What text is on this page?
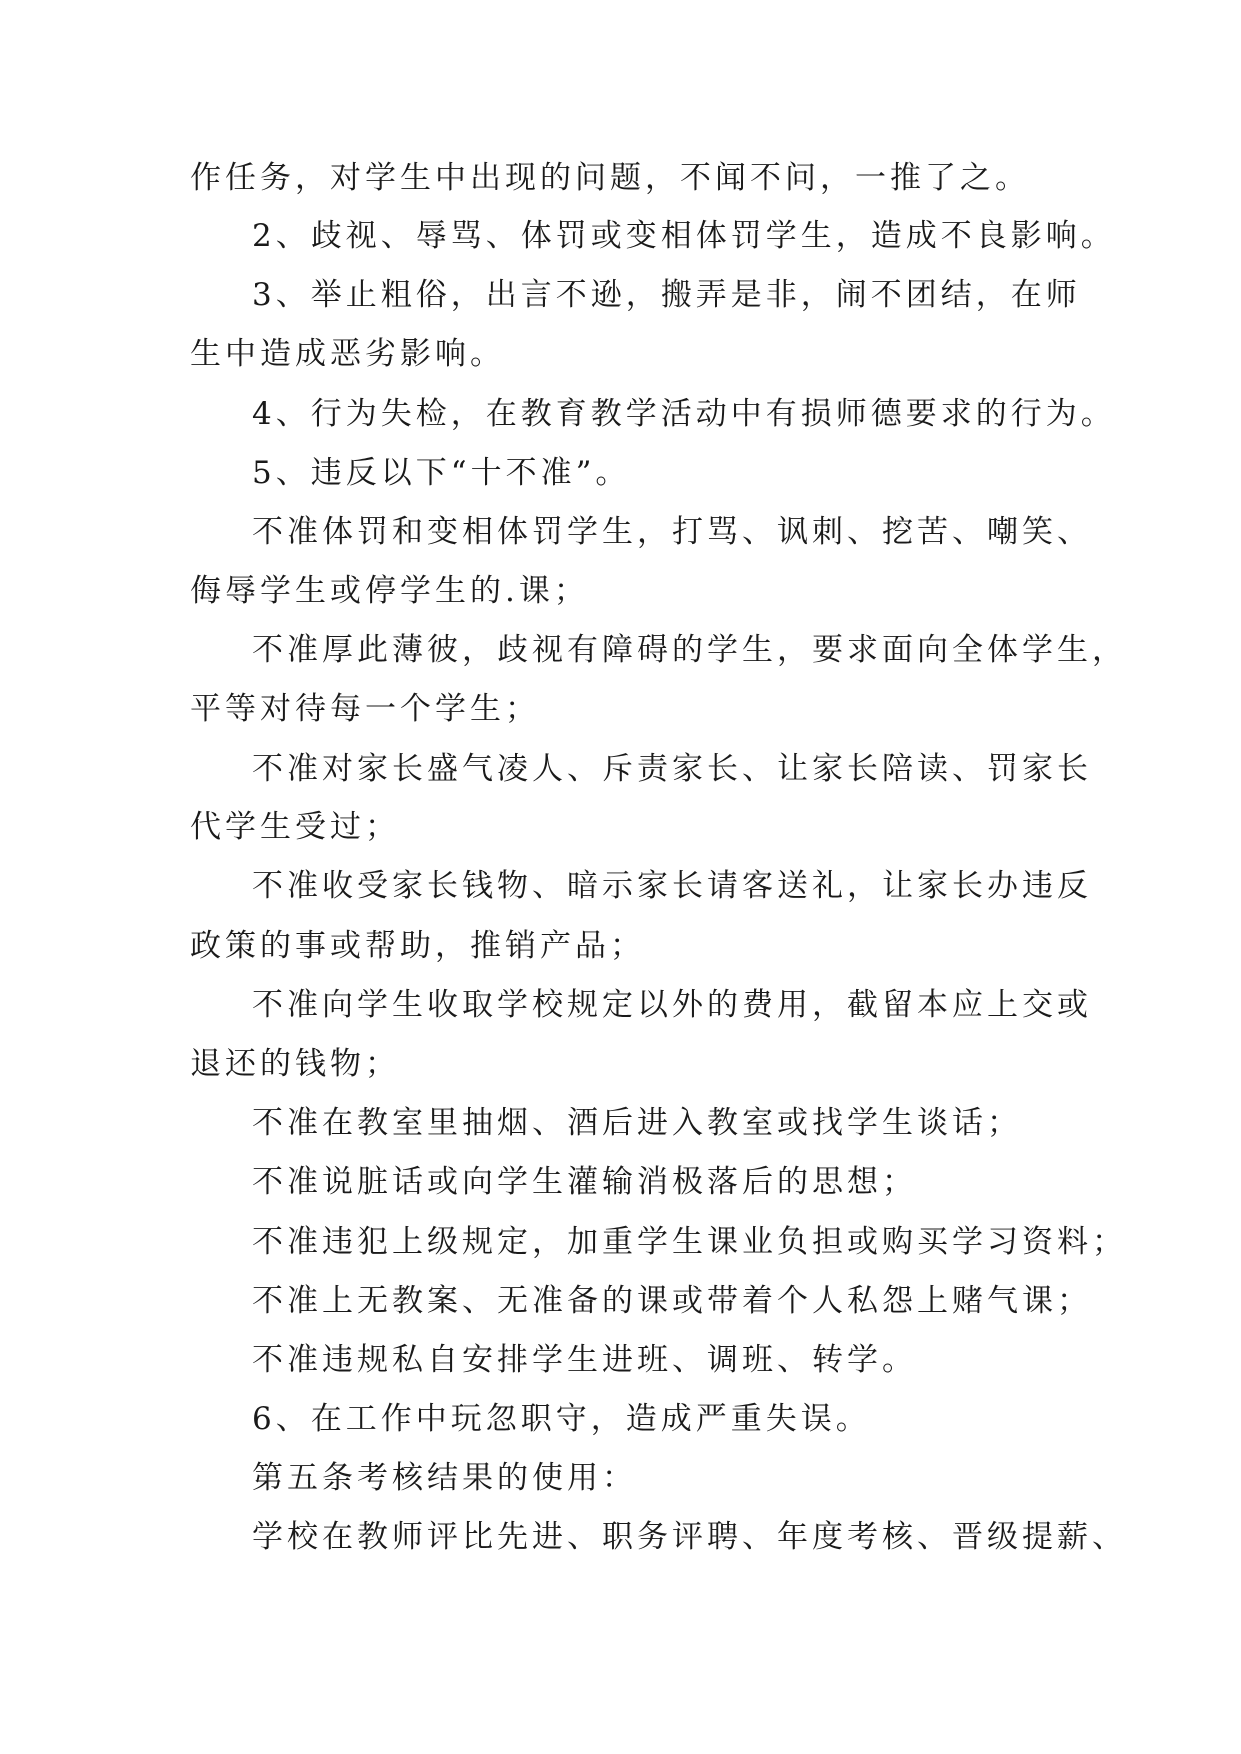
作任务，对学生中出现的问题，不闻不问，一推了之。

2、歧视、辱骂、体罚或变相体罚学生，造成不良影响。

3、举止粗俗，出言不逊，搬弄是非，闹不团结，在师

生中造成恶劣影响。

4、行为失检，在教育教学活动中有损师德要求的行为。

5、违反以下“十不准”。

不准体罚和变相体罚学生，打骂、讽刺、挖苦、嘲笑、

侮辱学生或停学生的.课；

不准厚此薄彼，歧视有障碍的学生，要求面向全体学生，

平等对待每一个学生；

不准对家长盛气凌人、斥责家长、让家长陪读、罚家长

代学生受过；

不准收受家长钱物、暗示家长请客送礼，让家长办违反

政策的事或帮助，推销产品；

不准向学生收取学校规定以外的费用，截留本应上交或

退还的钱物；

不准在教室里抽烟、酒后进入教室或找学生谈话；

不准说脏话或向学生灌输消极落后的思想；

不准违犯上级规定，加重学生课业负担或购买学习资料；

不准上无教案、无准备的课或带着个人私怨上赌气课；

不准违规私自安排学生进班、调班、转学。

6、在工作中玩忽职守，造成严重失误。

第五条考核结果的使用：

学校在教师评比先进、职务评聘、年度考核、晋级提薪、
